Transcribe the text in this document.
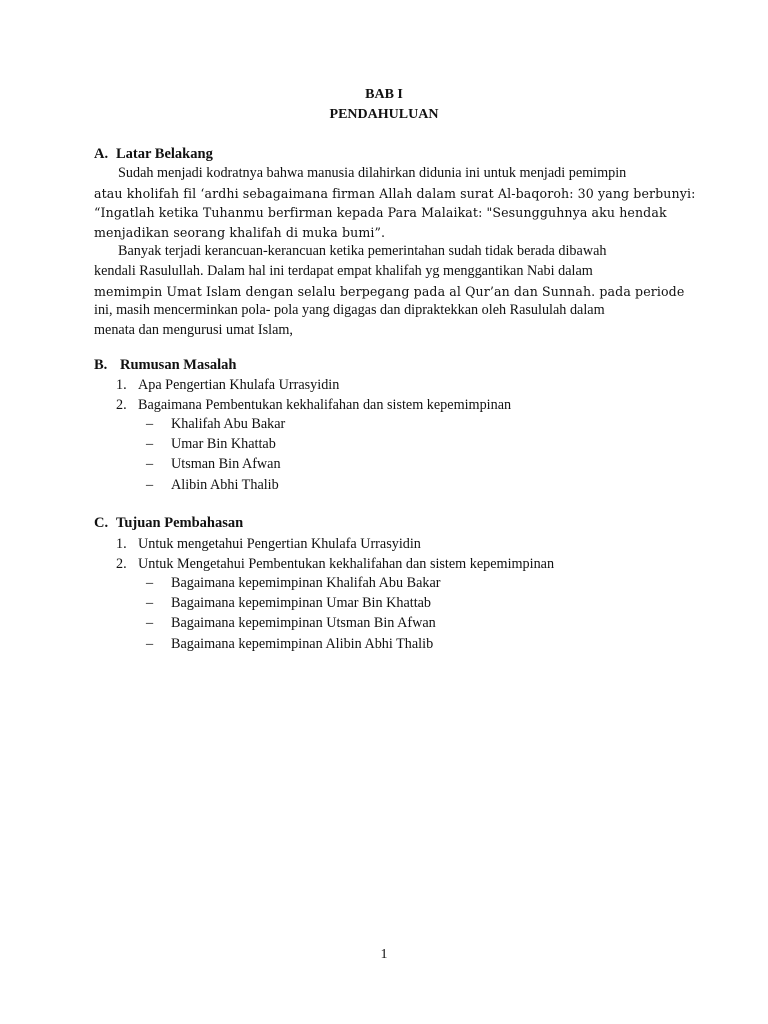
BAB I
PENDAHULUAN
A. Latar Belakang
Sudah menjadi kodratnya bahwa manusia dilahirkan didunia ini untuk menjadi pemimpin
atau kholifah fil ‘ardhi sebagaimana firman Allah dalam surat Al-baqoroh: 30 yang berbunyi:
“Ingatlah ketika Tuhanmu berfirman kepada Para Malaikat: "Sesungguhnya aku hendak
menjadikan seorang khalifah di muka bumi”.
Banyak terjadi kerancuan-kerancuan ketika pemerintahan sudah tidak berada dibawah
kendali Rasulullah. Dalam hal ini terdapat empat khalifah yg menggantikan Nabi dalam
memimpin Umat Islam dengan selalu berpegang pada al Qur’an dan Sunnah. pada periode
ini, masih mencerminkan pola- pola yang digagas dan dipraktekkan oleh Rasululah dalam
menata dan mengurusi umat Islam,
B. Rumusan Masalah
1. Apa Pengertian Khulafa Urrasyidin
2. Bagaimana Pembentukan kekhalifahan dan sistem kepemimpinan
– Khalifah Abu Bakar
– Umar Bin Khattab
– Utsman Bin Afwan
– Alibin Abhi Thalib
C. Tujuan Pembahasan
1. Untuk mengetahui Pengertian Khulafa Urrasyidin
2. Untuk Mengetahui Pembentukan kekhalifahan dan sistem kepemimpinan
– Bagaimana kepemimpinan Khalifah Abu Bakar
– Bagaimana kepemimpinan Umar Bin Khattab
– Bagaimana kepemimpinan Utsman Bin Afwan
– Bagaimana kepemimpinan Alibin Abhi Thalib
1
